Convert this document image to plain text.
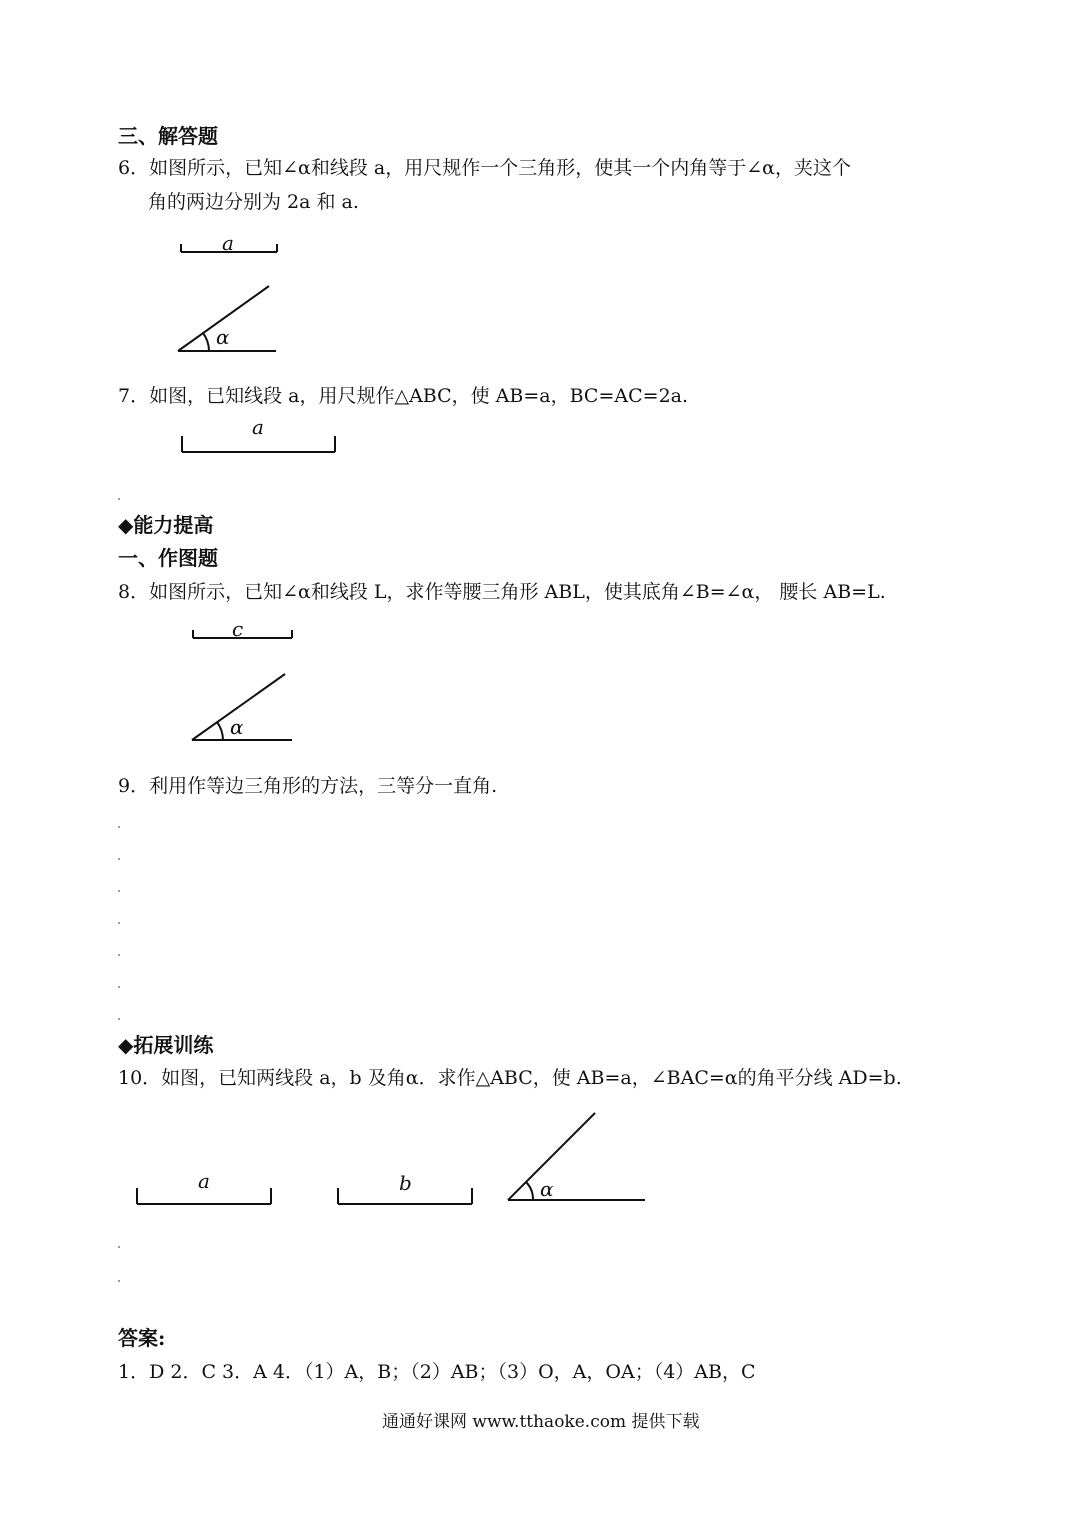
三、解答题
6．如图所示，已知∠α和线段 a，用尺规作一个三角形，使其一个内角等于∠α，夹这个
角的两边分别为 2a 和 a.
a
α
7．如图，已知线段 a，用尺规作△ABC，使 AB=a，BC=AC=2a.
a
◆能力提高
一、作图题
8．如图所示，已知∠α和线段 L，求作等腰三角形 ABL，使其底角∠B=∠α， 腰长 AB=L.
c
α
9．利用作等边三角形的方法，三等分一直角.
◆拓展训练
10．如图，已知两线段 a，b 及角α．求作△ABC，使 AB=a，∠BAC=α的角平分线 AD=b.
a	b	α
答案:
1．D 2．C 3．A 4．（1）A，B；（2）AB；（3）O，A，OA；（4）AB，C
通通好课网 www.tthaoke.com 提供下载
